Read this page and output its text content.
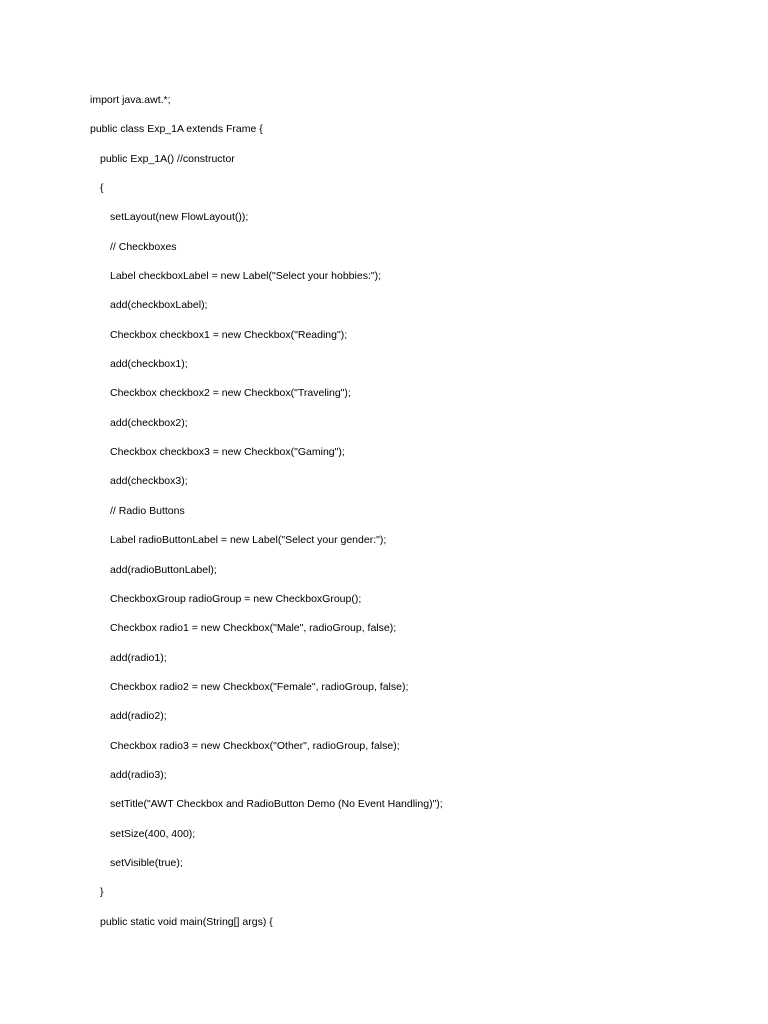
import java.awt.*;
public class Exp_1A extends Frame {
public Exp_1A() //constructor
{
setLayout(new FlowLayout());
// Checkboxes
Label checkboxLabel = new Label("Select your hobbies:");
add(checkboxLabel);
Checkbox checkbox1 = new Checkbox("Reading");
add(checkbox1);
Checkbox checkbox2 = new Checkbox("Traveling");
add(checkbox2);
Checkbox checkbox3 = new Checkbox("Gaming");
add(checkbox3);
// Radio Buttons
Label radioButtonLabel = new Label("Select your gender:");
add(radioButtonLabel);
CheckboxGroup radioGroup = new CheckboxGroup();
Checkbox radio1 = new Checkbox("Male", radioGroup, false);
add(radio1);
Checkbox radio2 = new Checkbox("Female", radioGroup, false);
add(radio2);
Checkbox radio3 = new Checkbox("Other", radioGroup, false);
add(radio3);
setTitle("AWT Checkbox and RadioButton Demo (No Event Handling)");
setSize(400, 400);
setVisible(true);
}
public static void main(String[] args) {
